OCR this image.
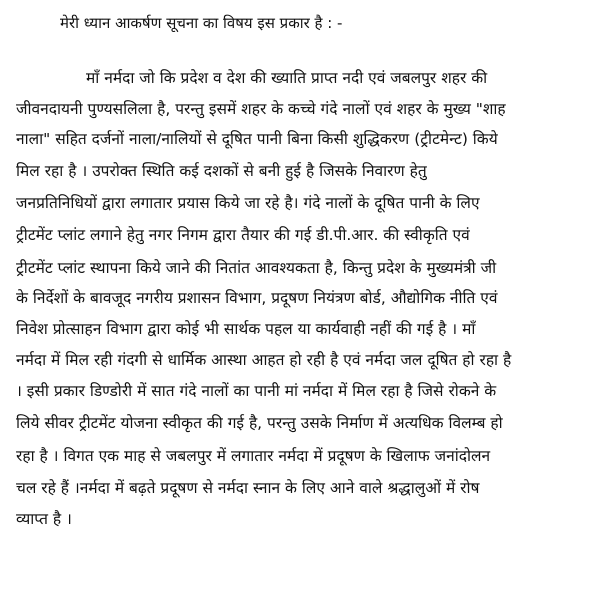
मेरी ध्यान आकर्षण सूचना का विषय इस प्रकार है : -
माँ नर्मदा जो कि प्रदेश व देश की ख्याति प्राप्त नदी एवं जबलपुर शहर की
जीवनदायनी पुण्यसलिला है, परन्तु इसमें शहर के कच्चे गंदे नालों एवं शहर के मुख्य "शाह
नाला" सहित दर्जनों नाला/नालियों से दूषित पानी बिना किसी शुद्धिकरण (ट्रीटमेन्ट) किये
मिल रहा है । उपरोक्त स्थिति कई दशकों से बनी हुई है जिसके निवारण हेतु
जनप्रतिनिधियों द्वारा लगातार प्रयास किये जा रहे है। गंदे नालों के दूषित पानी के लिए
ट्रीटमेंट प्लांट लगाने हेतु नगर निगम द्वारा तैयार की गई डी.पी.आर. की स्वीकृति एवं
ट्रीटमेंट प्लांट स्थापना किये जाने की नितांत आवश्यकता है, किन्तु प्रदेश के मुख्यमंत्री जी
के निर्देशों के बावजूद नगरीय प्रशासन विभाग, प्रदूषण नियंत्रण बोर्ड, औद्योगिक नीति एवं
निवेश प्रोत्साहन विभाग द्वारा कोई भी सार्थक पहल या कार्यवाही नहीं की गई है । माँ
नर्मदा में मिल रही गंदगी से धार्मिक आस्था आहत हो रही है एवं नर्मदा जल दूषित हो रहा है
। इसी प्रकार डिण्डोरी में सात गंदे नालों का पानी मां नर्मदा में मिल रहा है जिसे रोकने के
लिये सीवर ट्रीटमेंट योजना स्वीकृत की गई है, परन्तु उसके निर्माण में अत्यधिक विलम्ब हो
रहा है । विगत एक माह से जबलपुर में लगातार नर्मदा में प्रदूषण के खिलाफ जनांदोलन
चल रहे हैं ।नर्मदा में बढ़ते प्रदूषण से नर्मदा स्नान के लिए आने वाले श्रद्धालुओं में रोष
व्याप्त है ।
